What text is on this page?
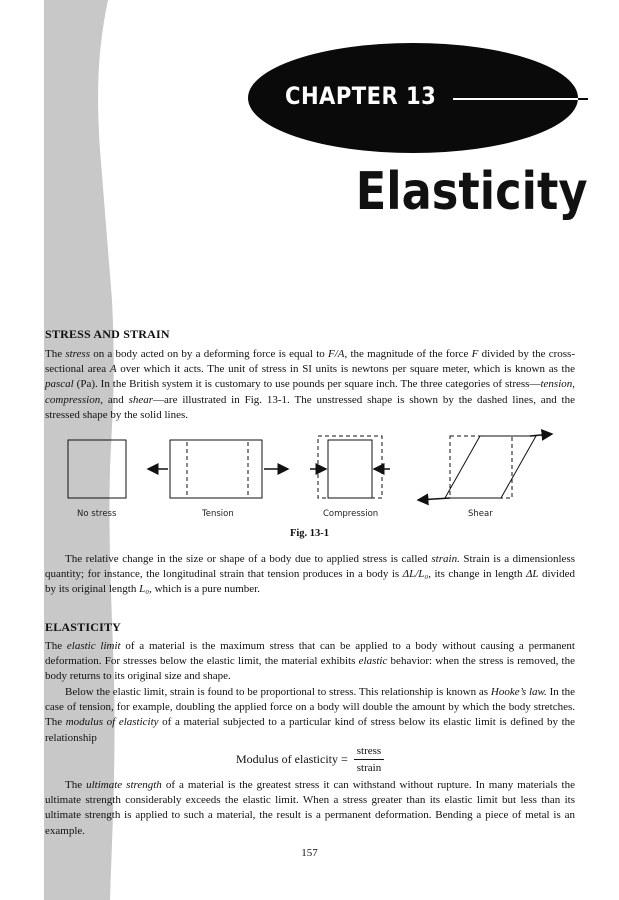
CHAPTER 13
Elasticity
STRESS AND STRAIN

The stress on a body acted on by a deforming force is equal to F/A, the magnitude of the force F divided by the cross-sectional area A over which it acts. The unit of stress in SI units is newtons per square meter, which is known as the pascal (Pa). In the British system it is customary to use pounds per square inch. The three categories of stress—tension, compression, and shear—are illustrated in Fig. 13-1. The unstressed shape is shown by the dashed lines, and the stressed shape by the solid lines.

No stress	Tension	Compression	Shear
Fig. 13-1

The relative change in the size or shape of a body due to applied stress is called strain. Strain is a dimensionless quantity; for instance, the longitudinal strain that tension produces in a body is ΔL/L₀, its change in length ΔL divided by its original length L₀, which is a pure number.

ELASTICITY

The elastic limit of a material is the maximum stress that can be applied to a body without causing a permanent deformation. For stresses below the elastic limit, the material exhibits elastic behavior: when the stress is removed, the body returns to its original size and shape.

Below the elastic limit, strain is found to be proportional to stress. This relationship is known as Hooke’s law. In the case of tension, for example, doubling the applied force on a body will double the amount by which the body stretches. The modulus of elasticity of a material subjected to a particular kind of stress below its elastic limit is defined by the relationship

Modulus of elasticity = $\frac{\text{stress}}{\text{strain}}$

The ultimate strength of a material is the greatest stress it can withstand without rupture. In many materials the ultimate strength considerably exceeds the elastic limit. When a stress greater than its elastic limit but less than its ultimate strength is applied to such a material, the result is a permanent deformation. Bending a piece of metal is an example.

157
